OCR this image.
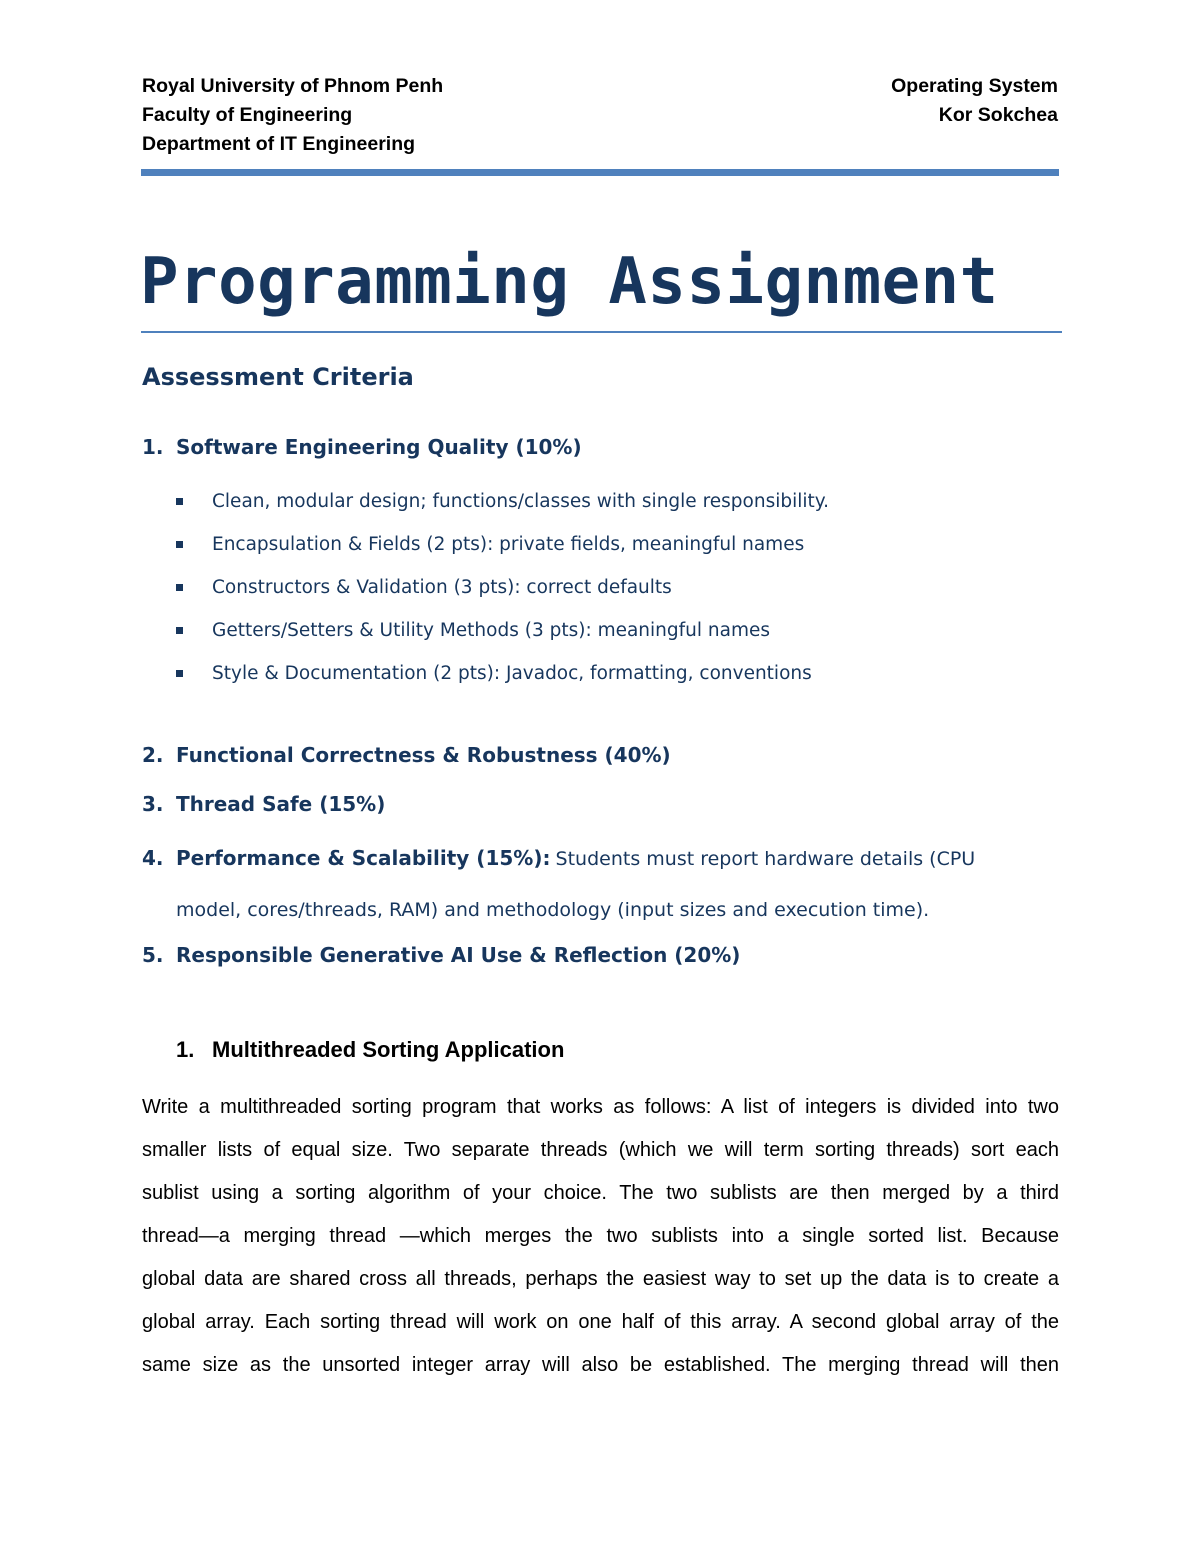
Royal University of Phnom Penh
Faculty of Engineering
Department of IT Engineering
Operating System
Kor Sokchea
Programming Assignment
Assessment Criteria
1. Software Engineering Quality (10%)
Clean, modular design; functions/classes with single responsibility.
Encapsulation & Fields (2 pts): private fields, meaningful names
Constructors & Validation (3 pts): correct defaults
Getters/Setters & Utility Methods (3 pts): meaningful names
Style & Documentation (2 pts): Javadoc, formatting, conventions
2. Functional Correctness & Robustness (40%)
3. Thread Safe (15%)
4. Performance & Scalability (15%): Students must report hardware details (CPU
model, cores/threads, RAM) and methodology (input sizes and execution time).
5. Responsible Generative AI Use & Reflection (20%)
1. Multithreaded Sorting Application
Write a multithreaded sorting program that works as follows: A list of integers is divided into two
smaller lists of equal size. Two separate threads (which we will term sorting threads) sort each
sublist using a sorting algorithm of your choice. The two sublists are then merged by a third
thread—a merging thread —which merges the two sublists into a single sorted list. Because
global data are shared cross all threads, perhaps the easiest way to set up the data is to create a
global array. Each sorting thread will work on one half of this array. A second global array of the
same size as the unsorted integer array will also be established. The merging thread will then
